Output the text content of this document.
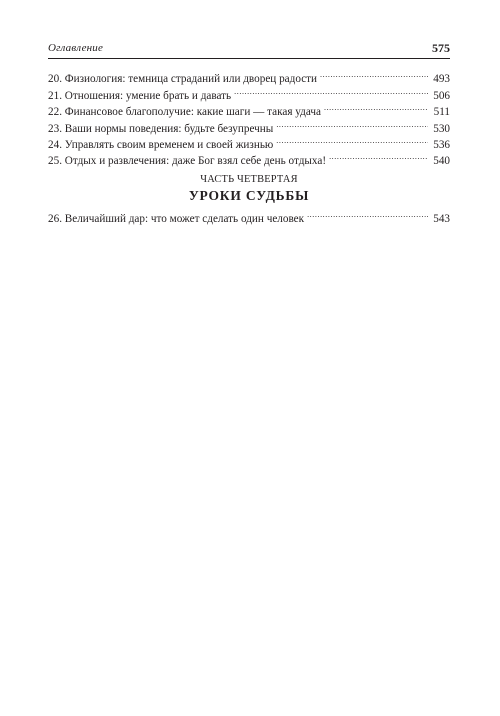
Оглавление	575
20. Физиология: темница страданий или дворец радости .....	493
21. Отношения: умение брать и давать .....	506
22. Финансовое благополучие: какие шаги — такая удача .....	511
23. Ваши нормы поведения: будьте безупречны .....	530
24. Управлять своим временем и своей жизнью .....	536
25. Отдых и развлечения: даже Бог взял себе день отдыха! .....	540
ЧАСТЬ ЧЕТВЕРТАЯ
УРОКИ СУДЬБЫ
26. Величайший дар: что может сделать один человек .....	543
